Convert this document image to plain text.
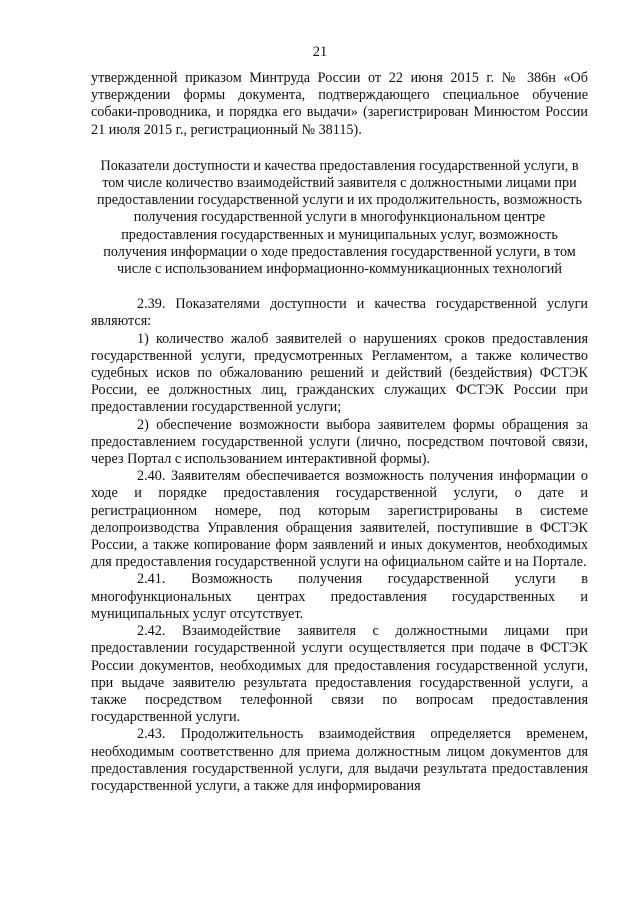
21

утвержденной приказом Минтруда России от 22 июня 2015 г. № 386н «Об утверждении формы документа, подтверждающего специальное обучение собаки-проводника, и порядка его выдачи» (зарегистрирован Минюстом России 21 июля 2015 г., регистрационный № 38115).

Показатели доступности и качества предоставления государственной услуги, в том числе количество взаимодействий заявителя с должностными лицами при предоставлении государственной услуги и их продолжительность, возможность получения государственной услуги в многофункциональном центре предоставления государственных и муниципальных услуг, возможность получения информации о ходе предоставления государственной услуги, в том числе с использованием информационно-коммуникационных технологий

2.39. Показателями доступности и качества государственной услуги являются:

1) количество жалоб заявителей о нарушениях сроков предоставления государственной услуги, предусмотренных Регламентом, а также количество судебных исков по обжалованию решений и действий (бездействия) ФСТЭК России, ее должностных лиц, гражданских служащих ФСТЭК России при предоставлении государственной услуги;

2) обеспечение возможности выбора заявителем формы обращения за предоставлением государственной услуги (лично, посредством почтовой связи, через Портал с использованием интерактивной формы).

2.40. Заявителям обеспечивается возможность получения информации о ходе и порядке предоставления государственной услуги, о дате и регистрационном номере, под которым зарегистрированы в системе делопроизводства Управления обращения заявителей, поступившие в ФСТЭК России, а также копирование форм заявлений и иных документов, необходимых для предоставления государственной услуги на официальном сайте и на Портале.

2.41. Возможность получения государственной услуги в многофункциональных центрах предоставления государственных и муниципальных услуг отсутствует.

2.42. Взаимодействие заявителя с должностными лицами при предоставлении государственной услуги осуществляется при подаче в ФСТЭК России документов, необходимых для предоставления государственной услуги, при выдаче заявителю результата предоставления государственной услуги, а также посредством телефонной связи по вопросам предоставления государственной услуги.

2.43. Продолжительность взаимодействия определяется временем, необходимым соответственно для приема должностным лицом документов для предоставления государственной услуги, для выдачи результата предоставления государственной услуги, а также для информирования
